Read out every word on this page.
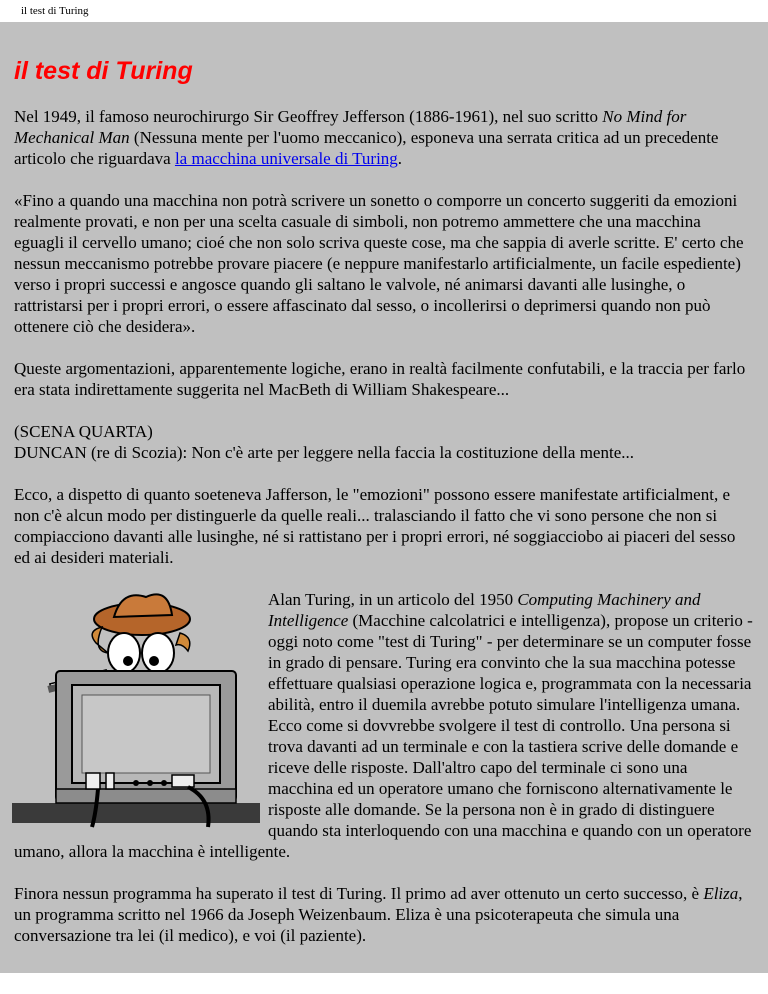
il test di Turing
il test di Turing

Nel 1949, il famoso neurochirurgo Sir Geoffrey Jefferson (1886-1961), nel suo scritto No Mind for Mechanical Man (Nessuna mente per l'uomo meccanico), esponeva una serrata critica ad un precedente articolo che riguardava la macchina universale di Turing.

«Fino a quando una macchina non potrà scrivere un sonetto o comporre un concerto suggeriti da emozioni realmente provati, e non per una scelta casuale di simboli, non potremo ammettere che una macchina eguagli il cervello umano; cioé che non solo scriva queste cose, ma che sappia di averle scritte. E' certo che nessun meccanismo potrebbe provare piacere (e neppure manifestarlo artificialmente, un facile espediente) verso i propri successi e angosce quando gli saltano le valvole, né animarsi davanti alle lusinghe, o rattristarsi per i propri errori, o essere affascinato dal sesso, o incollerirsi o deprimersi quando non può ottenere ciò che desidera».

Queste argomentazioni, apparentemente logiche, erano in realtà facilmente confutabili, e la traccia per farlo era stata indirettamente suggerita nel MacBeth di William Shakespeare...

(SCENA QUARTA)
DUNCAN (re di Scozia): Non c'è arte per leggere nella faccia la costituzione della mente...

Ecco, a dispetto di quanto soeteneva Jafferson, le "emozioni" possono essere manifestate artificialment, e non c'è alcun modo per distinguerle da quelle reali... tralasciando il fatto che vi sono persone che non si compiacciono davanti alle lusinghe, né si rattistano per i propri errori, né soggiacciobo ai piaceri del sesso ed ai desideri materiali.

Alan Turing, in un articolo del 1950 Computing Machinery and Intelligence (Macchine calcolatrici e intelligenza), propose un criterio - oggi noto come "test di Turing" - per determinare se un computer fosse in grado di pensare. Turing era convinto che la sua macchina potesse effettuare qualsiasi operazione logica e, programmata con la necessaria abilità, entro il duemila avrebbe potuto simulare l'intelligenza umana.
Ecco come si dovvrebbe svolgere il test di controllo. Una persona si trova davanti ad un terminale e con la tastiera scrive delle domande e riceve delle risposte. Dall'altro capo del terminale ci sono una macchina ed un operatore umano che forniscono alternativamente le risposte alle domande. Se la persona non è in grado di distinguere quando sta interloquendo con una macchina e quando con un operatore umano, allora la macchina è intelligente.

Finora nessun programma ha superato il test di Turing. Il primo ad aver ottenuto un certo successo, è Eliza, un programma scritto nel 1966 da Joseph Weizenbaum. Eliza è una psicoterapeuta che simula una conversazione tra lei (il medico), e voi (il paziente).
